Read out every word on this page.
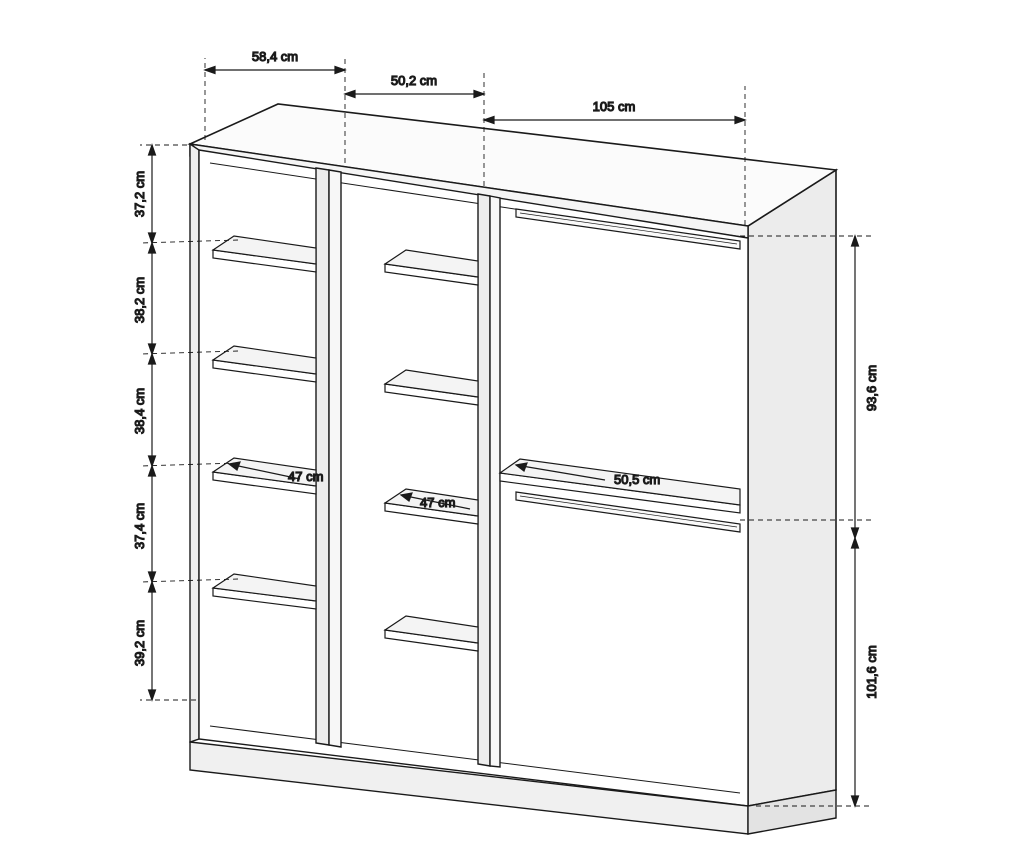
58,4 cm
50,2 cm
105 cm
37,2 cm
38,2 cm
38,4 cm
37,4 cm
39,2 cm
93,6 cm
101,6 cm
47 cm
47 cm
50,5 cm
